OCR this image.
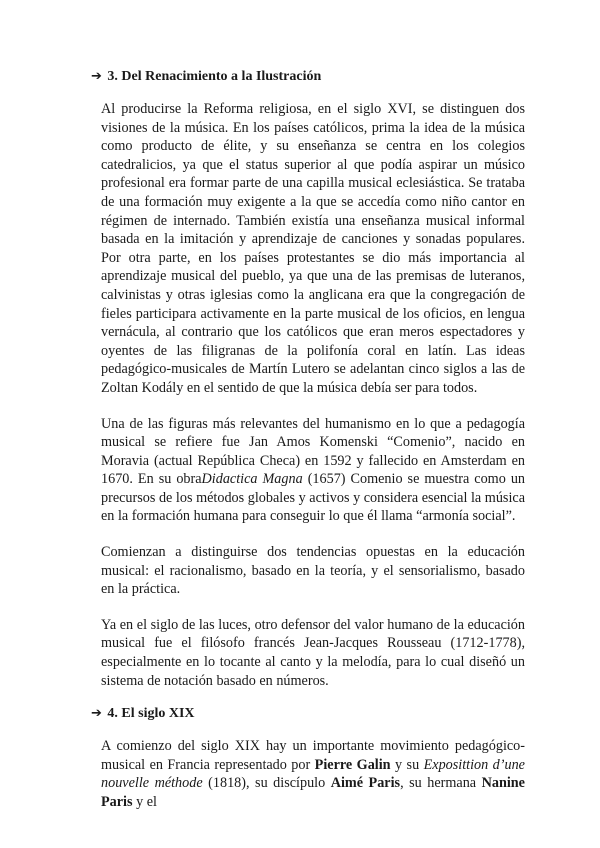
➔ 3. Del Renacimiento a la Ilustración

Al producirse la Reforma religiosa, en el siglo XVI, se distinguen dos visiones de la música. En los países católicos, prima la idea de la música como producto de élite, y su enseñanza se centra en los colegios catedralicios, ya que el status superior al que podía aspirar un músico profesional era formar parte de una capilla musical eclesiástica. Se trataba de una formación muy exigente a la que se accedía como niño cantor en régimen de internado. También existía una enseñanza musical informal basada en la imitación y aprendizaje de canciones y sonadas populares. Por otra parte, en los países protestantes se dio más importancia al aprendizaje musical del pueblo, ya que una de las premisas de luteranos, calvinistas y otras iglesias como la anglicana era que la congregación de fieles participara activamente en la parte musical de los oficios, en lengua vernácula, al contrario que los católicos que eran meros espectadores y oyentes de las filigranas de la polifonía coral en latín. Las ideas pedagógico-musicales de Martín Lutero se adelantan cinco siglos a las de Zoltan Kodály en el sentido de que la música debía ser para todos.

Una de las figuras más relevantes del humanismo en lo que a pedagogía musical se refiere fue Jan Amos Komenski “Comenio”, nacido en Moravia (actual República Checa) en 1592 y fallecido en Amsterdam en 1670. En su obraDidactica Magna (1657) Comenio se muestra como un precursos de los métodos globales y activos y considera esencial la música en la formación humana para conseguir lo que él llama “armonía social”.

Comienzan a distinguirse dos tendencias opuestas en la educación musical: el racionalismo, basado en la teoría, y el sensorialismo, basado en la práctica.

Ya en el siglo de las luces, otro defensor del valor humano de la educación musical fue el filósofo francés Jean-Jacques Rousseau (1712-1778), especialmente en lo tocante al canto y la melodía, para lo cual diseñó un sistema de notación basado en números.

➔ 4. El siglo XIX

A comienzo del siglo XIX hay un importante movimiento pedagógico-musical en Francia representado por Pierre Galin y su Exposittion d’une nouvelle méthode (1818), su discípulo Aimé Paris, su hermana Nanine Paris y el
